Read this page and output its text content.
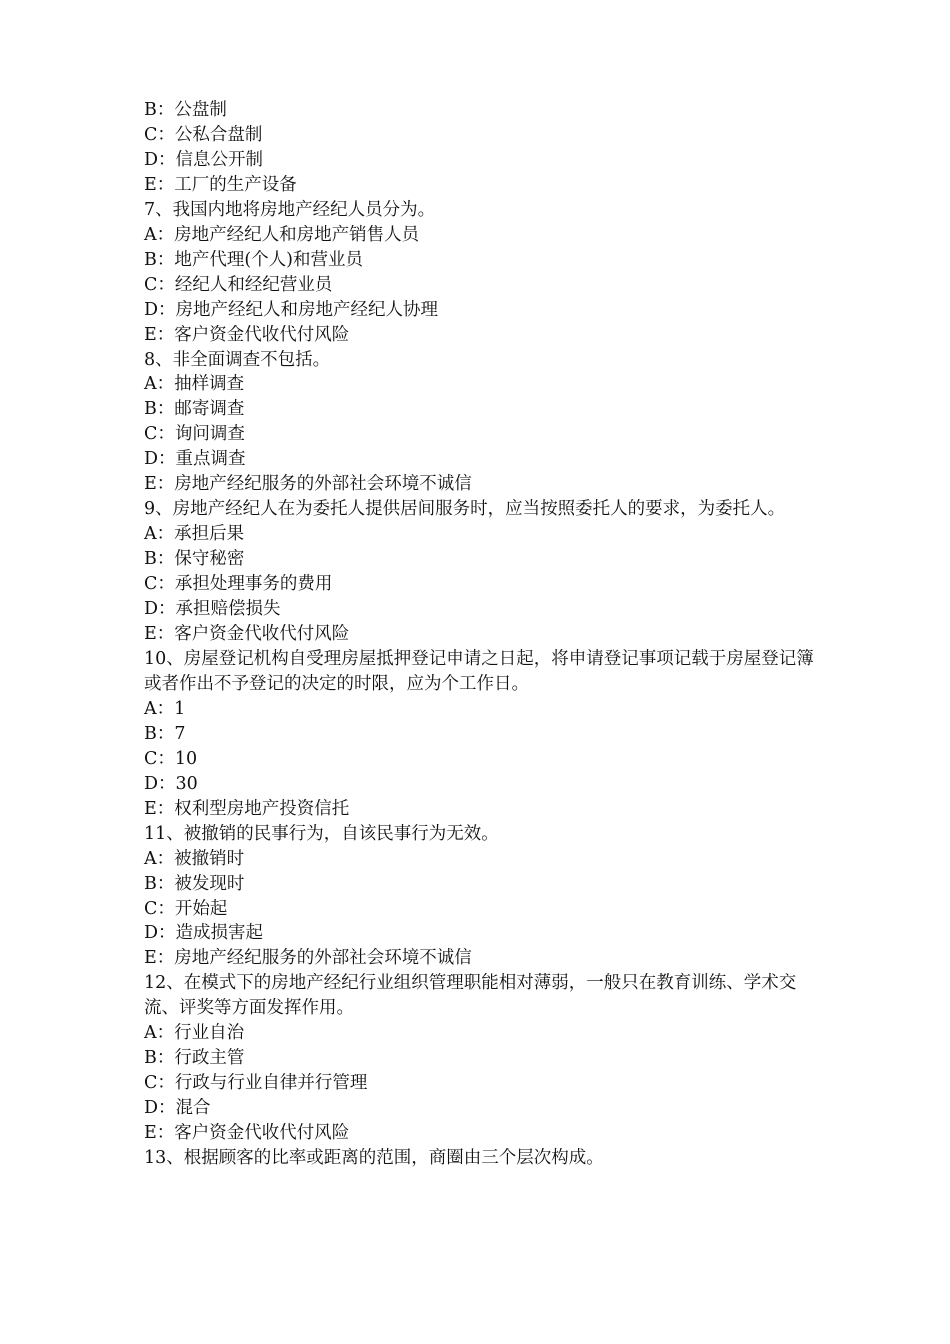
B：公盘制
C：公私合盘制
D：信息公开制
E：工厂的生产设备
7、我国内地将房地产经纪人员分为。
A：房地产经纪人和房地产销售人员
B：地产代理(个人)和营业员
C：经纪人和经纪营业员
D：房地产经纪人和房地产经纪人协理
E：客户资金代收代付风险
8、非全面调查不包括。
A：抽样调查
B：邮寄调查
C：询问调查
D：重点调查
E：房地产经纪服务的外部社会环境不诚信
9、房地产经纪人在为委托人提供居间服务时，应当按照委托人的要求，为委托人。
A：承担后果
B：保守秘密
C：承担处理事务的费用
D：承担赔偿损失
E：客户资金代收代付风险
10、房屋登记机构自受理房屋抵押登记申请之日起，将申请登记事项记载于房屋登记簿或者作出不予登记的决定的时限，应为个工作日。
A：1
B：7
C：10
D：30
E：权利型房地产投资信托
11、被撤销的民事行为，自该民事行为无效。
A：被撤销时
B：被发现时
C：开始起
D：造成损害起
E：房地产经纪服务的外部社会环境不诚信
12、在模式下的房地产经纪行业组织管理职能相对薄弱，一般只在教育训练、学术交流、评奖等方面发挥作用。
A：行业自治
B：行政主管
C：行政与行业自律并行管理
D：混合
E：客户资金代收代付风险
13、根据顾客的比率或距离的范围，商圈由三个层次构成。
